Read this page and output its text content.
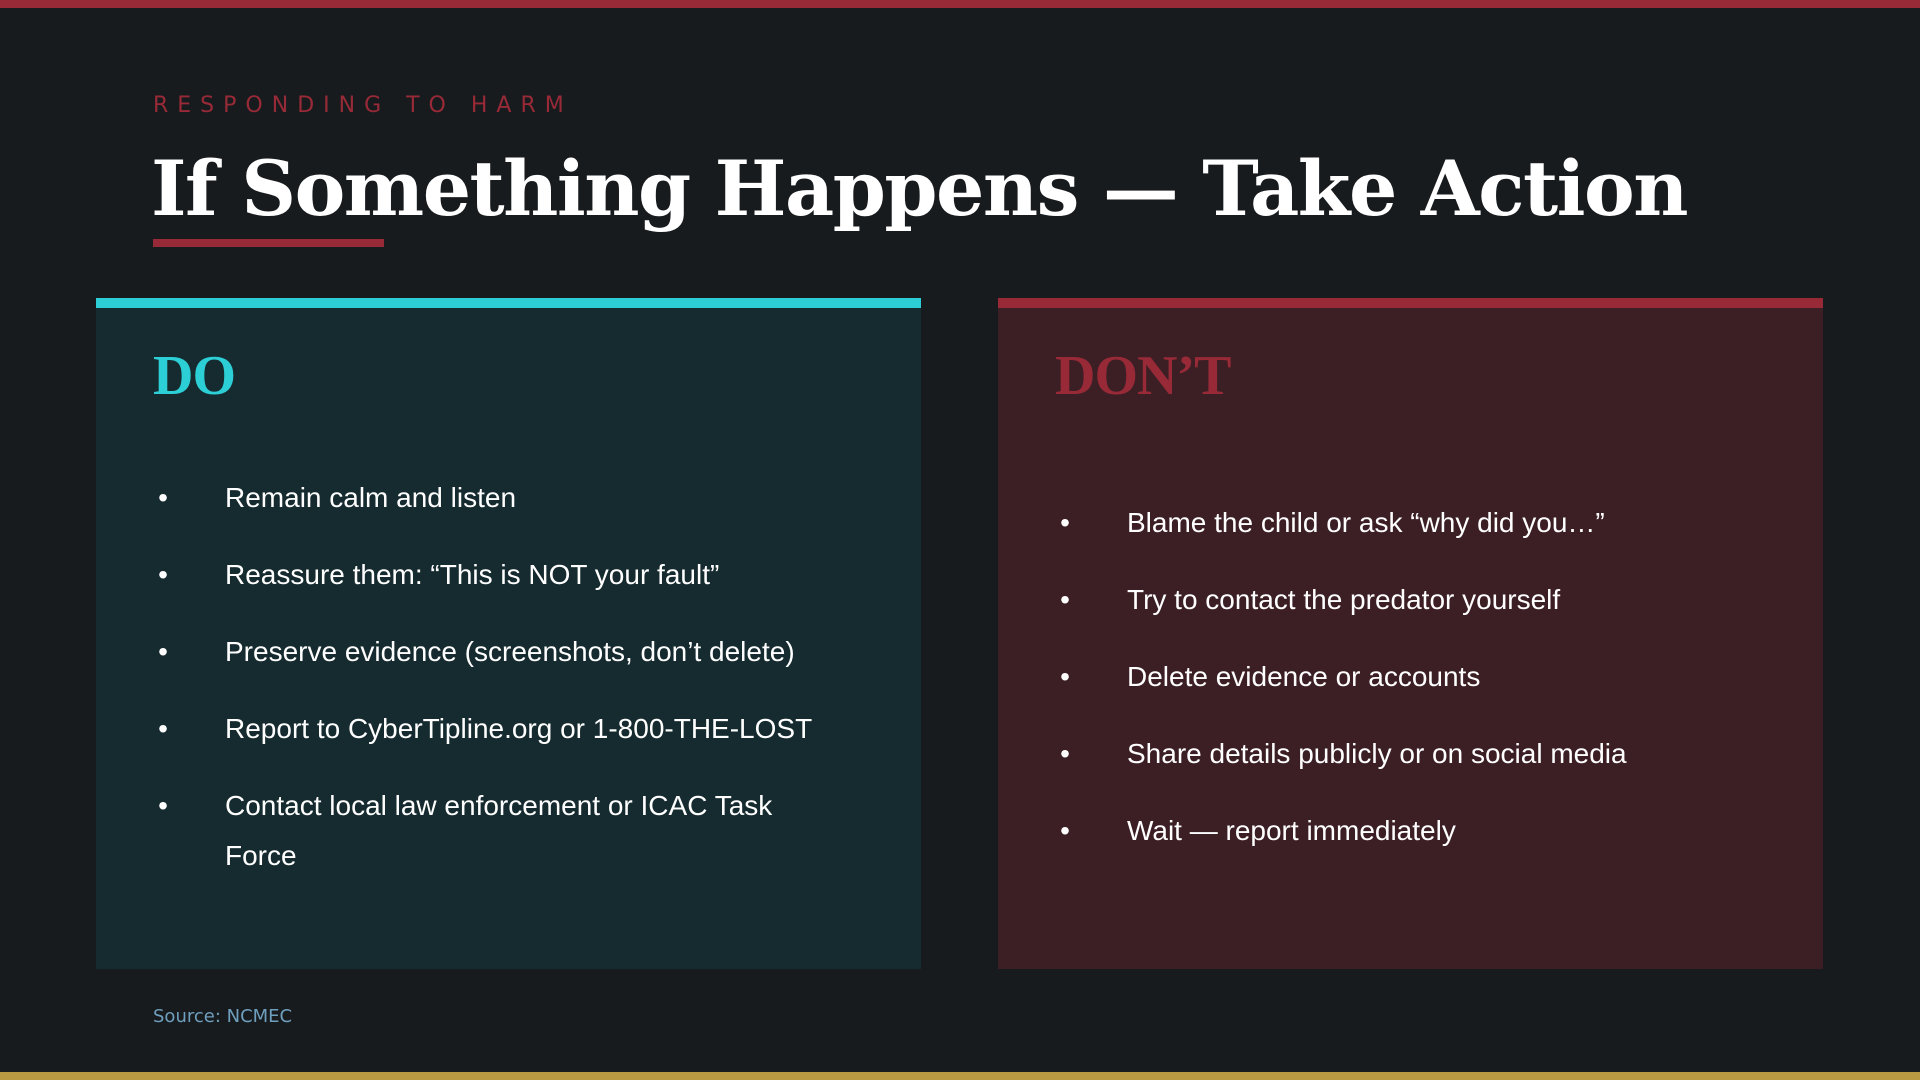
RESPONDING TO HARM
If Something Happens — Take Action
DO
• Remain calm and listen
• Reassure them: “This is NOT your fault”
• Preserve evidence (screenshots, don’t delete)
• Report to CyberTipline.org or 1-800-THE-LOST
• Contact local law enforcement or ICAC Task Force
DON’T
• Blame the child or ask “why did you…”
• Try to contact the predator yourself
• Delete evidence or accounts
• Share details publicly or on social media
• Wait — report immediately
Source: NCMEC
